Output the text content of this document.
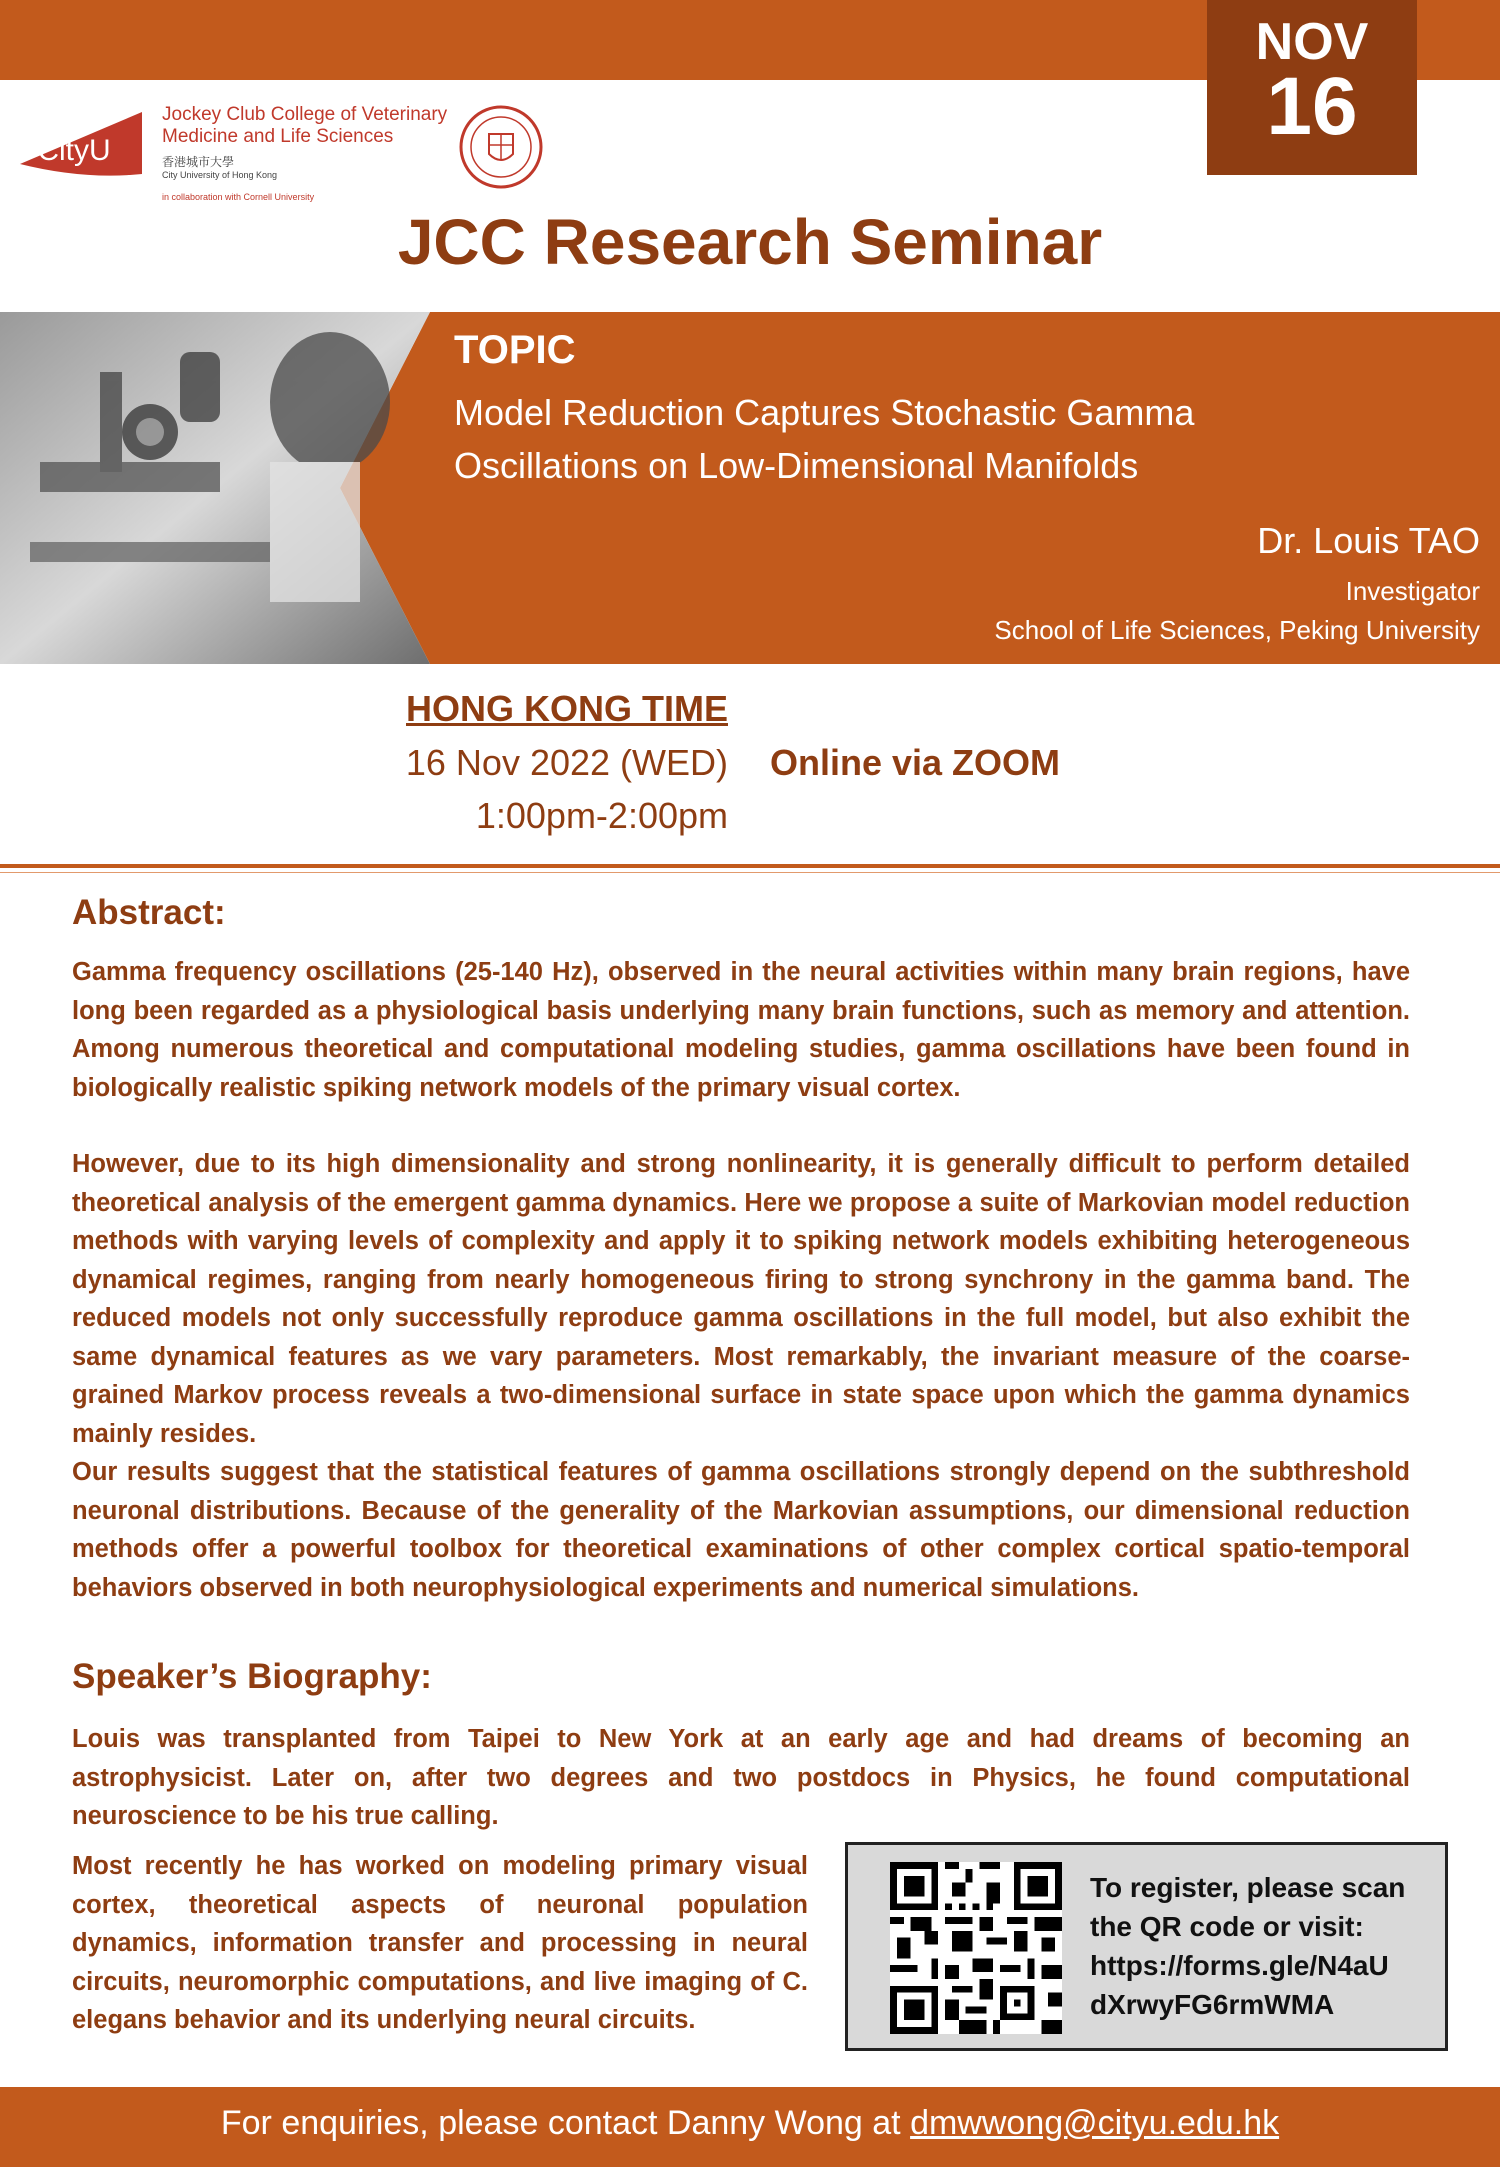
NOV
16
CityU
Jockey Club College of Veterinary
Medicine and Life Sciences
香港城市大學
City University of Hong Kong
in collaboration with Cornell University
JCC Research Seminar
TOPIC
Model Reduction Captures Stochastic Gamma
Oscillations on Low-Dimensional Manifolds
Dr. Louis TAO
Investigator
School of Life Sciences, Peking University
HONG KONG TIME
16 Nov 2022 (WED)
1:00pm-2:00pm
Online via ZOOM
Abstract:
Gamma frequency oscillations (25-140 Hz), observed in the neural activities within many brain regions, have long been regarded as a physiological basis underlying many brain functions, such as memory and attention. Among numerous theoretical and computational modeling studies, gamma oscillations have been found in biologically realistic spiking network models of the primary visual cortex.
However, due to its high dimensionality and strong nonlinearity, it is generally difficult to perform detailed theoretical analysis of the emergent gamma dynamics. Here we propose a suite of Markovian model reduction methods with varying levels of complexity and apply it to spiking network models exhibiting heterogeneous dynamical regimes, ranging from nearly homogeneous firing to strong synchrony in the gamma band. The reduced models not only successfully reproduce gamma oscillations in the full model, but also exhibit the same dynamical features as we vary parameters. Most remarkably, the invariant measure of the coarse-grained Markov process reveals a two-dimensional surface in state space upon which the gamma dynamics mainly resides.
Our results suggest that the statistical features of gamma oscillations strongly depend on the subthreshold neuronal distributions. Because of the generality of the Markovian assumptions, our dimensional reduction methods offer a powerful toolbox for theoretical examinations of other complex cortical spatio-temporal behaviors observed in both neurophysiological experiments and numerical simulations.
Speaker’s Biography:
Louis was transplanted from Taipei to New York at an early age and had dreams of becoming an astrophysicist. Later on, after two degrees and two postdocs in Physics, he found computational neuroscience to be his true calling.
Most recently he has worked on modeling primary visual cortex, theoretical aspects of neuronal population dynamics, information transfer and processing in neural circuits, neuromorphic computations, and live imaging of C. elegans behavior and its underlying neural circuits.
To register, please scan
the QR code or visit:
https://forms.gle/N4aU
dXrwyFG6rmWMA
For enquiries, please contact Danny Wong at dmwwong@cityu.edu.hk
